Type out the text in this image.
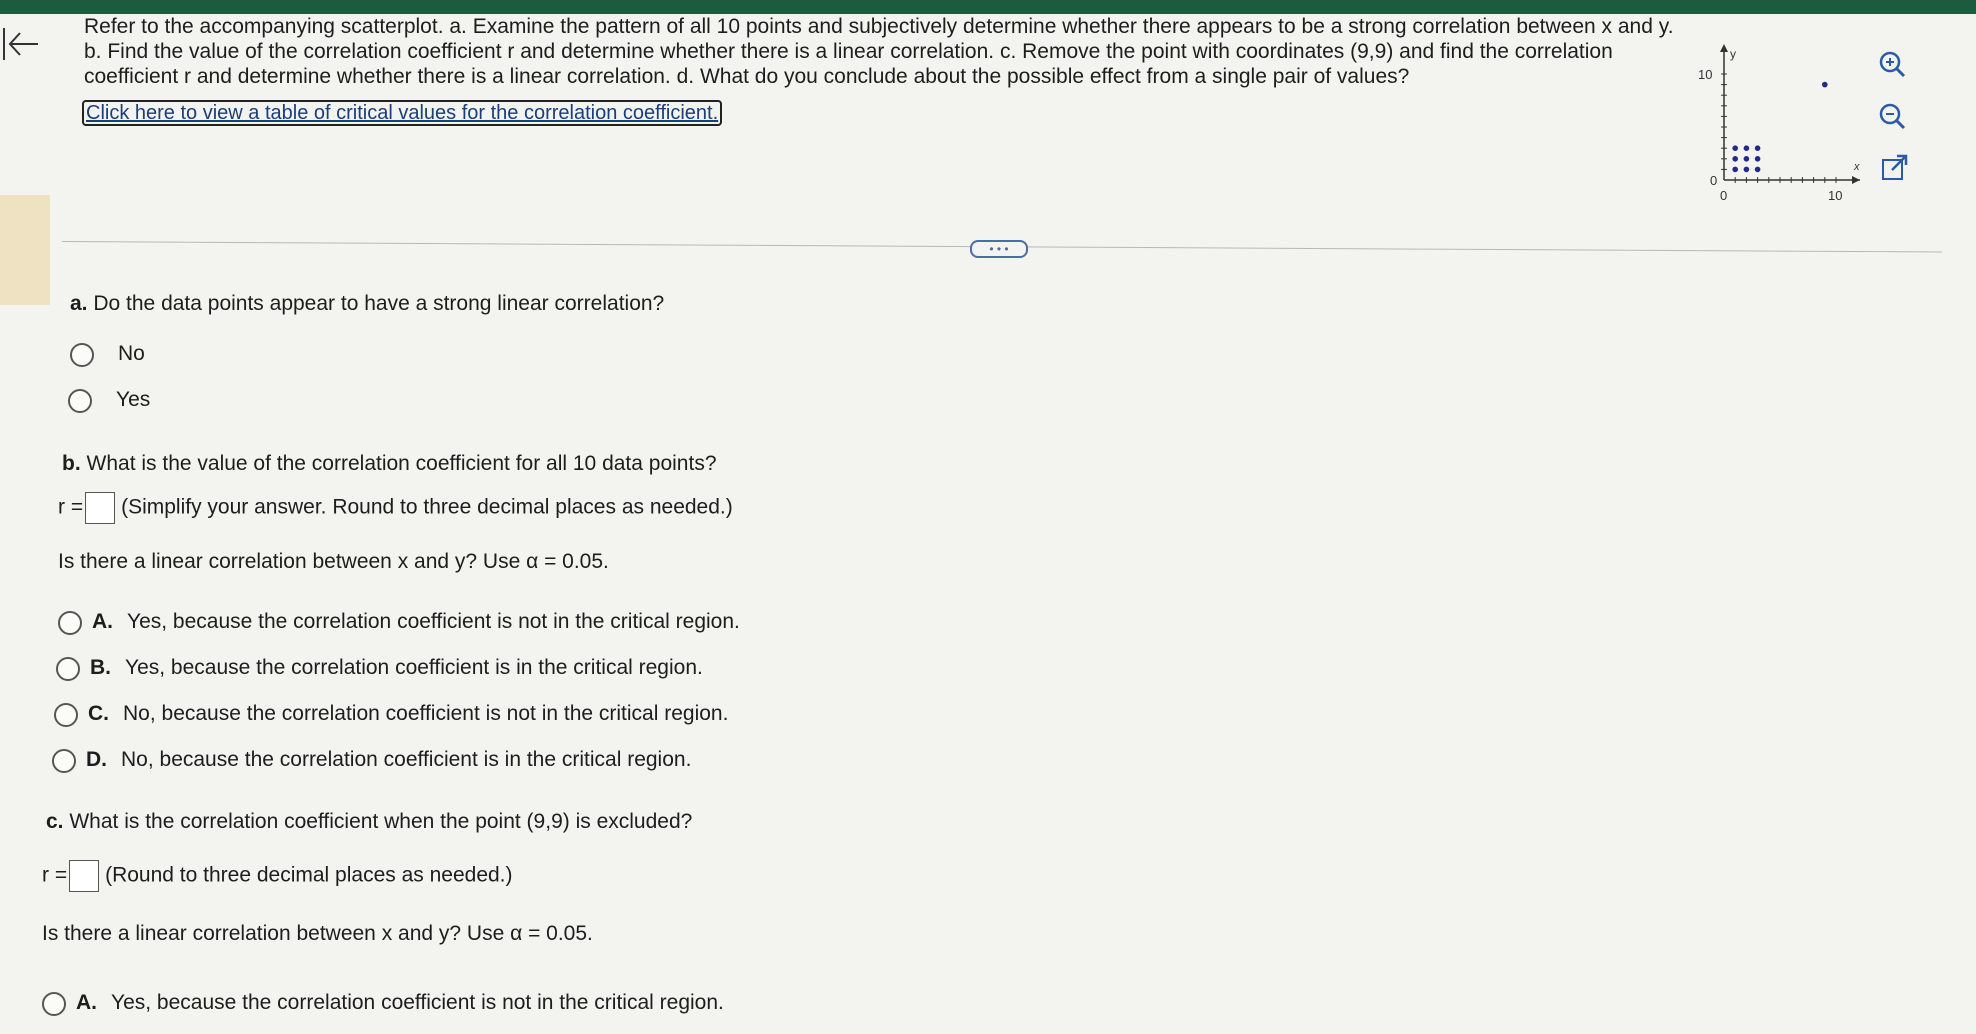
Refer to the accompanying scatterplot. a. Examine the pattern of all 10 points and subjectively determine whether there appears to be a strong correlation between x and y.

b. Find the value of the correlation coefficient r and determine whether there is a linear correlation. c. Remove the point with coordinates (9,9) and find the correlation

coefficient r and determine whether there is a linear correlation. d. What do you conclude about the possible effect from a single pair of values?

Click here to view a table of critical values for the correlation coefficient.
y
x
10
0
0	10
• • •
a. Do the data points appear to have a strong linear correlation?
No
Yes
b. What is the value of the correlation coefficient for all 10 data points?
r = (Simplify your answer. Round to three decimal places as needed.)
Is there a linear correlation between x and y? Use α = 0.05.
A. Yes, because the correlation coefficient is not in the critical region.
B. Yes, because the correlation coefficient is in the critical region.
C. No, because the correlation coefficient is not in the critical region.
D. No, because the correlation coefficient is in the critical region.
c. What is the correlation coefficient when the point (9,9) is excluded?
r = (Round to three decimal places as needed.)
Is there a linear correlation between x and y? Use α = 0.05.
A. Yes, because the correlation coefficient is not in the critical region.
